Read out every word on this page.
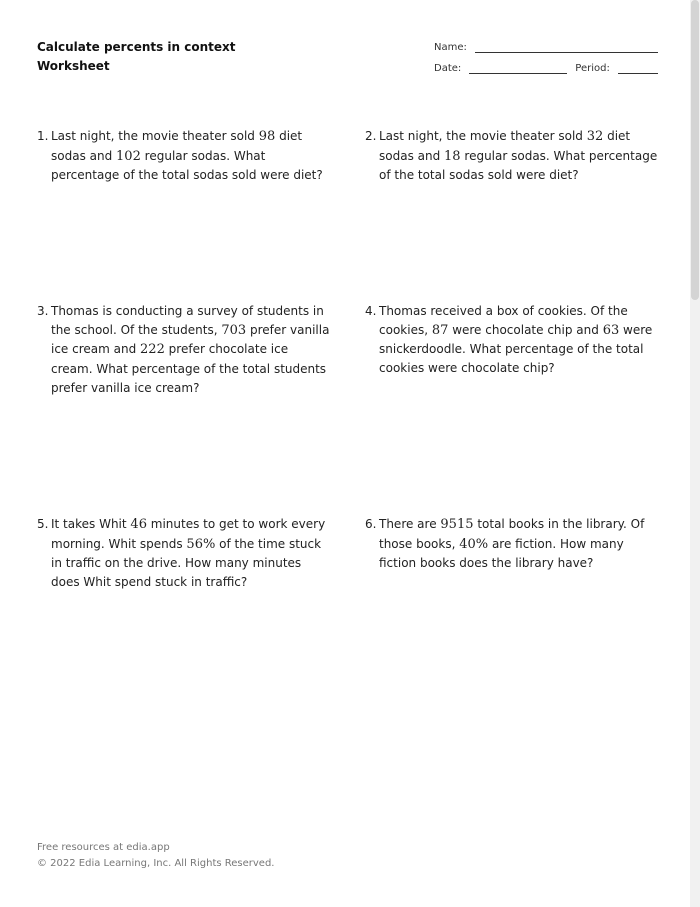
Calculate percents in context
Worksheet
Name:
Date:	Period:
1. Last night, the movie theater sold 98 diet sodas and 102 regular sodas. What percentage of the total sodas sold were diet?
2. Last night, the movie theater sold 32 diet sodas and 18 regular sodas. What percentage of the total sodas sold were diet?
3. Thomas is conducting a survey of students in the school. Of the students, 703 prefer vanilla ice cream and 222 prefer chocolate ice cream. What percentage of the total students prefer vanilla ice cream?
4. Thomas received a box of cookies. Of the cookies, 87 were chocolate chip and 63 were snickerdoodle. What percentage of the total cookies were chocolate chip?
5. It takes Whit 46 minutes to get to work every morning. Whit spends 56% of the time stuck in traffic on the drive. How many minutes does Whit spend stuck in traffic?
6. There are 9515 total books in the library. Of those books, 40% are fiction. How many fiction books does the library have?
Free resources at edia.app
© 2022 Edia Learning, Inc. All Rights Reserved.
